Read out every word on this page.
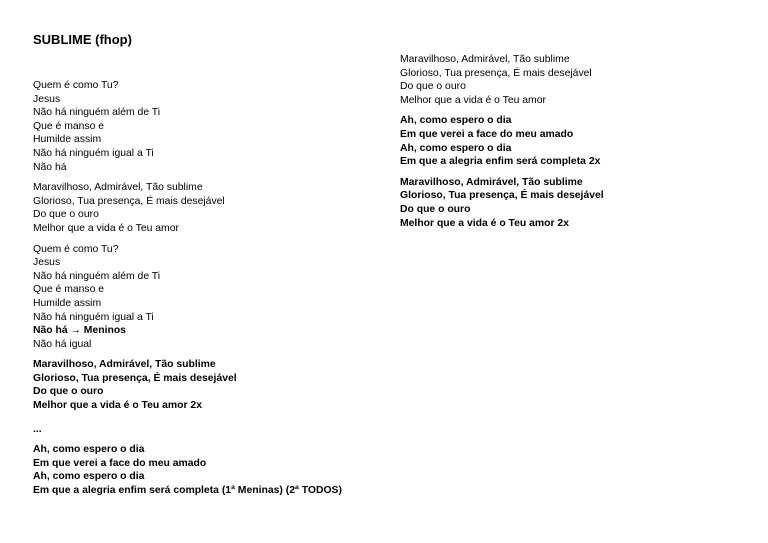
SUBLIME (fhop)
Quem é como Tu?
Jesus
Não há ninguém além de Ti
Que é manso e
Humilde assim
Não há ninguém igual a Ti
Não há
Maravilhoso, Admirável, Tão sublime
Glorioso, Tua presença, É mais desejável
Do que o ouro
Melhor que a vida é o Teu amor
Quem é como Tu?
Jesus
Não há ninguém além de Ti
Que é manso e
Humilde assim
Não há ninguém igual a Ti
Não há → Meninos
Não há igual
Maravilhoso, Admirável, Tão sublime
Glorioso, Tua presença, É mais desejável
Do que o ouro
Melhor que a vida é o Teu amor 2x
...
Ah, como espero o dia
Em que verei a face do meu amado
Ah, como espero o dia
Em que a alegria enfim será completa (1ª Meninas) (2ª TODOS)
Maravilhoso, Admirável, Tão sublime
Glorioso, Tua presença, É mais desejável
Do que o ouro
Melhor que a vida é o Teu amor
Ah, como espero o dia
Em que verei a face do meu amado
Ah, como espero o dia
Em que a alegria enfim será completa 2x
Maravilhoso, Admirável, Tão sublime
Glorioso, Tua presença, É mais desejável
Do que o ouro
Melhor que a vida é o Teu amor 2x
